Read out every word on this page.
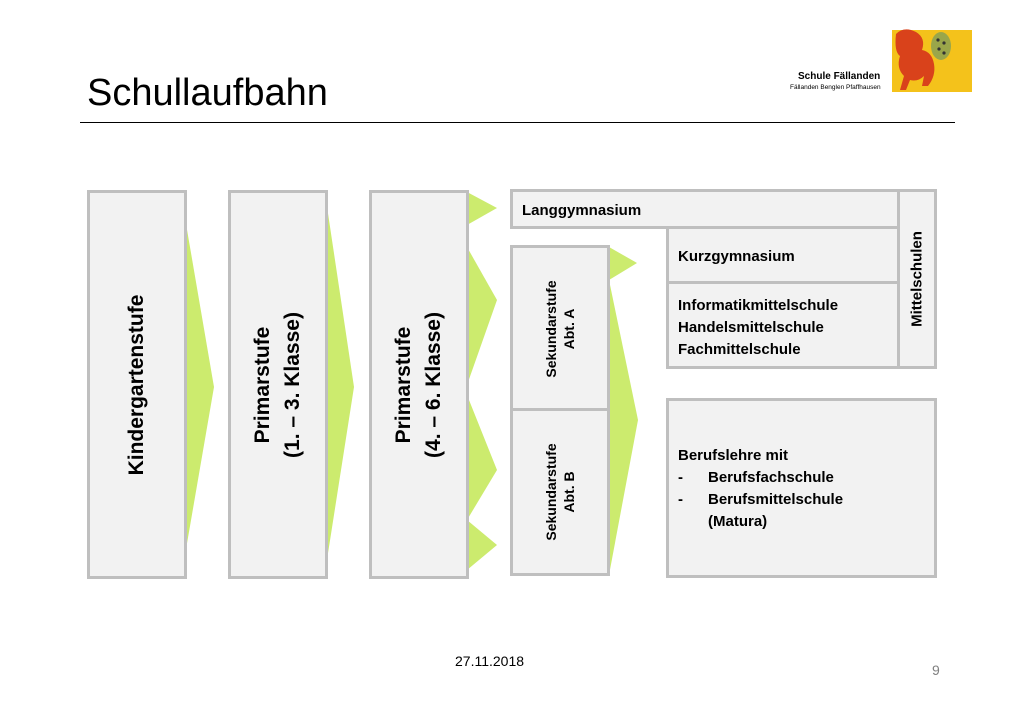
Schullaufbahn	Schule Fällanden
Fällanden Benglen Pfaffhausen
Kindergartenstufe	Primarstufe (1. – 3. Klasse)	Primarstufe (4. – 6. Klasse)	Sekundarstufe Abt. A
Sekundarstufe Abt. B
Langgymnasium
Kurzgymnasium
Informatikmittelschule
Handelsmittelschule
Fachmittelschule
Mittelschulen
Berufslehre mit
- Berufsfachschule
- Berufsmittelschule
(Matura)
27.11.2018
9
